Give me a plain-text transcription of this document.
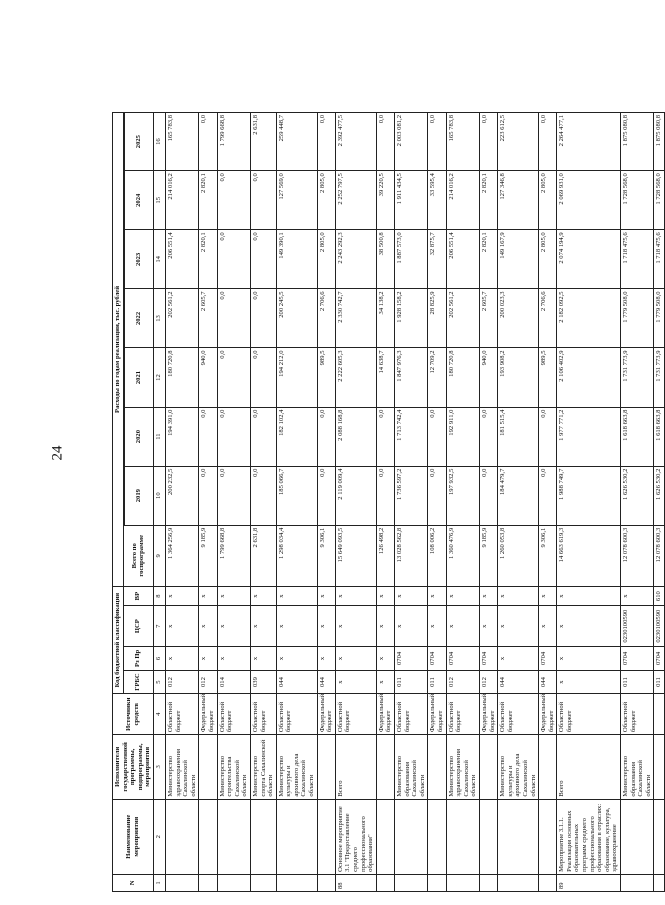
24
N	Наименование мероприятия	Исполнители государственной программы, подпрограммы, мероприятия	Источники средств	Код бюджетной классификации				Расходы по годам реализации, тыс. рублей							
				ГРБС	Рз Пр	ЦСР	ВР	Всего по госпрограмме							
									2019	2020	2021	2022	2023	2024	2025
1	2	3	4	5	6	7	8	9	10	11	12	13	14	15	16
		Министерство здравоохранения Сахалинской области	Областной бюджет	012	x	x	x	1 364 256,9	200 232,5	194 391,0	180 720,8	202 561,2	206 551,4	214 016,2	165 783,8
			Федеральный бюджет	012	x	x	x	9 185,9	0,0	0,0	940,0	2 605,7	2 820,1	2 820,1	0,0
		Министерство строительства Сахалинской области	Областной бюджет	014	x	x	x	1 799 668,8	0,0	0,0	0,0	0,0	0,0	0,0	1 799 668,8
		Министерство спорта Сахалинской области	Областной бюджет	039	x	x	x	2 631,8	0,0	0,0	0,0	0,0	0,0	0,0	2 631,8
		Министерство культуры и архивного дела Сахалинской области	Областной бюджет	044	x	x	x	1 298 034,4	185 066,7	182 102,4	194 212,0	200 245,5	149 390,1	127 569,0	259 448,7
			Федеральный бюджет	044	x	x	x	9 306,1	0,0	0,0	989,5	2 706,6	2 805,0	2 805,0	0,0
88	Основное мероприятие 3.1 "Предоставление среднего профессионального образования"	Всего	Областной бюджет	x	x	x	x	15 649 093,5	2 119 009,4	2 088 168,8	2 222 605,3	2 330 742,7	2 243 292,3	2 252 797,5	2 392 477,5
			Федеральный бюджет	x	x	x	x	126 498,2	0,0	0,0	14 638,7	34 138,2	38 500,8	39 220,5	0,0
		Министерство образования Сахалинской области	Областной бюджет	011	0704	x	x	13 028 562,8	1 736 597,2	1 713 742,4	1 847 976,3	1 928 158,2	1 887 573,0	1 911 434,5	2 003 081,2
			Федеральный бюджет	011	0704	x	x	108 006,2	0,0	0,0	12 709,2	28 825,9	32 875,7	33 595,4	0,0
		Министерство здравоохранения Сахалинской области	Областной бюджет	012	0704	x	x	1 360 476,9	197 932,5	192 911,0	180 720,8	202 561,2	206 551,4	214 016,2	165 783,8
			Федеральный бюджет	012	0704	x	x	9 185,9	0,0	0,0	940,0	2 605,7	2 820,1	2 820,1	0,0
		Министерство культуры и архивного дела Сахалинской области	Областной бюджет	044	x	x	x	1 260 053,8	184 479,7	181 515,4	193 908,2	200 023,3	149 167,9	127 346,8	223 612,5
			Федеральный бюджет	044	0704	x	x	9 306,1	0,0	0,0	989,5	2 706,6	2 805,0	2 805,0	0,0
89	Мероприятие 3.1.1. Реализация основных образовательных программ среднего профессионального образования в отраслях: образование, культура, здравоохранение	Всего	Областной бюджет	x	x	x	x	14 663 619,3	1 988 749,7	1 977 771,2	2 106 402,9	2 182 092,5	2 074 194,9	2 069 931,0	2 264 477,1
		Министерство образования Сахалинской области	Областной бюджет	011	0704	0230100590	x	12 078 600,3	1 626 530,2	1 618 663,8	1 731 773,9	1 779 508,0	1 718 475,6	1 728 568,0	1 875 080,8
				011	0704	0230100590	610	12 078 600,3	1 626 530,2	1 618 663,8	1 731 773,9	1 779 508,0	1 718 475,6	1 728 568,0	1 875 080,8
